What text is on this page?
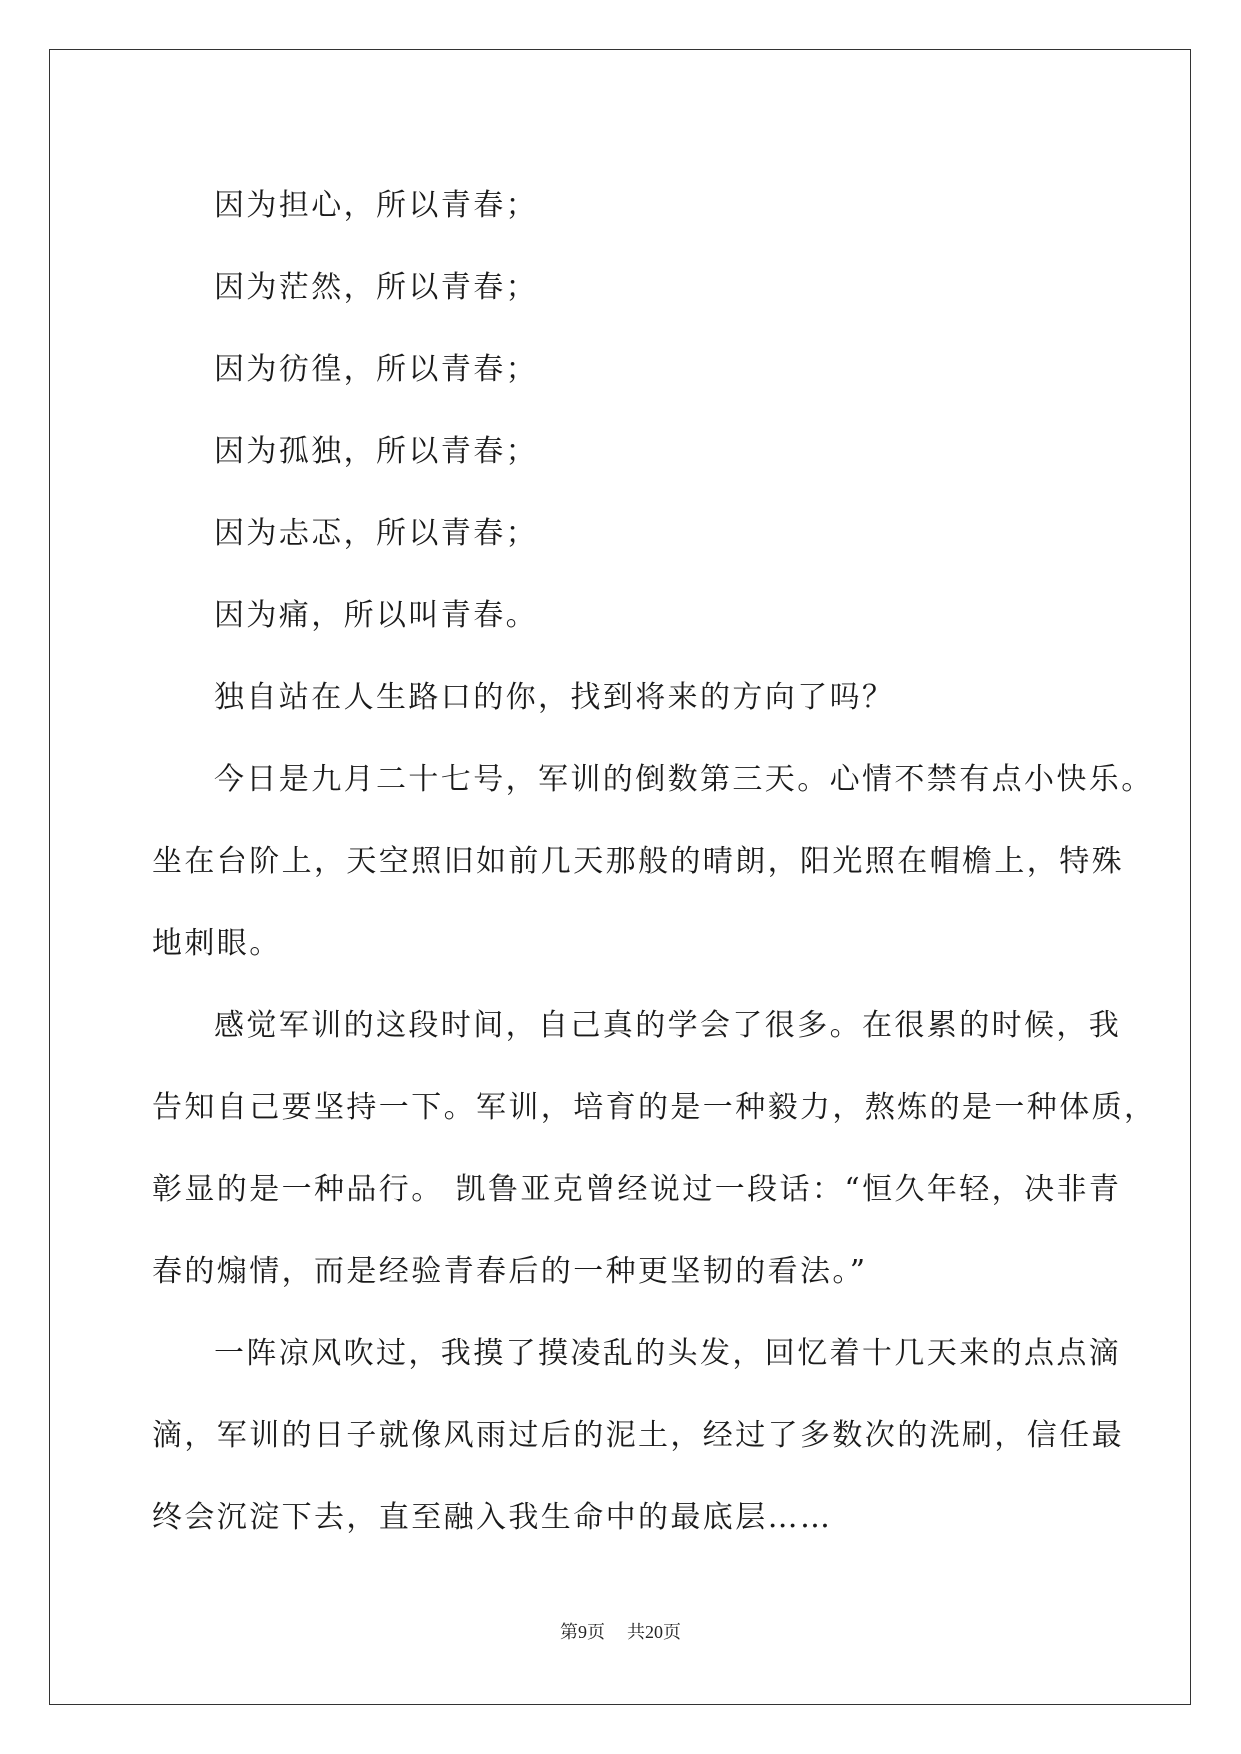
因为担心，所以青春；
因为茫然，所以青春；
因为彷徨，所以青春；
因为孤独，所以青春；
因为忐忑，所以青春；
因为痛，所以叫青春。
独自站在人生路口的你，找到将来的方向了吗？
今日是九月二十七号，军训的倒数第三天。心情不禁有点小快乐。
坐在台阶上，天空照旧如前几天那般的晴朗，阳光照在帽檐上，特殊
地刺眼。
感觉军训的这段时间，自己真的学会了很多。在很累的时候，我
告知自己要坚持一下。军训，培育的是一种毅力，熬炼的是一种体质，
彰显的是一种品行。 凯鲁亚克曾经说过一段话：“恒久年轻，决非青
春的煽情，而是经验青春后的一种更坚韧的看法。”
一阵凉风吹过，我摸了摸凌乱的头发，回忆着十几天来的点点滴
滴，军训的日子就像风雨过后的泥土，经过了多数次的洗刷，信任最
终会沉淀下去，直至融入我生命中的最底层……
第9页 共20页
